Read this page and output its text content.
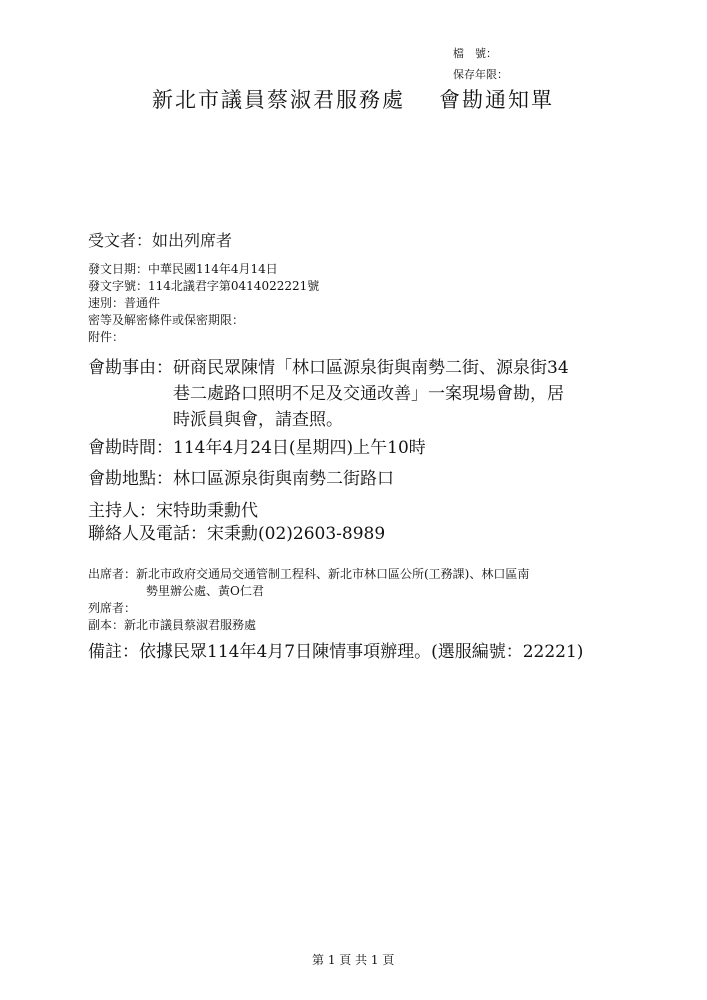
檔　號：
保存年限：
新北市議員蔡淑君服務處 會勘通知單
受文者：如出列席者
發文日期：中華民國114年4月14日
發文字號：114北議君字第0414022221號
速別：普通件
密等及解密條件或保密期限：
附件：
會勘事由：研商民眾陳情「林口區源泉街與南勢二街、源泉街34
巷二處路口照明不足及交通改善」一案現場會勘，居
時派員與會，請查照。
會勘時間：114年4月24日(星期四)上午10時
會勘地點：林口區源泉街與南勢二街路口
主持人：宋特助秉勳代
聯絡人及電話：宋秉勳(02)2603-8989
出席者：新北市政府交通局交通管制工程科、新北市林口區公所(工務課)、林口區南
勢里辦公處、黃O仁君
列席者：
副本：新北市議員蔡淑君服務處
備註：依據民眾114年4月7日陳情事項辦理。(選服編號：22221)
第 1 頁 共 1 頁
